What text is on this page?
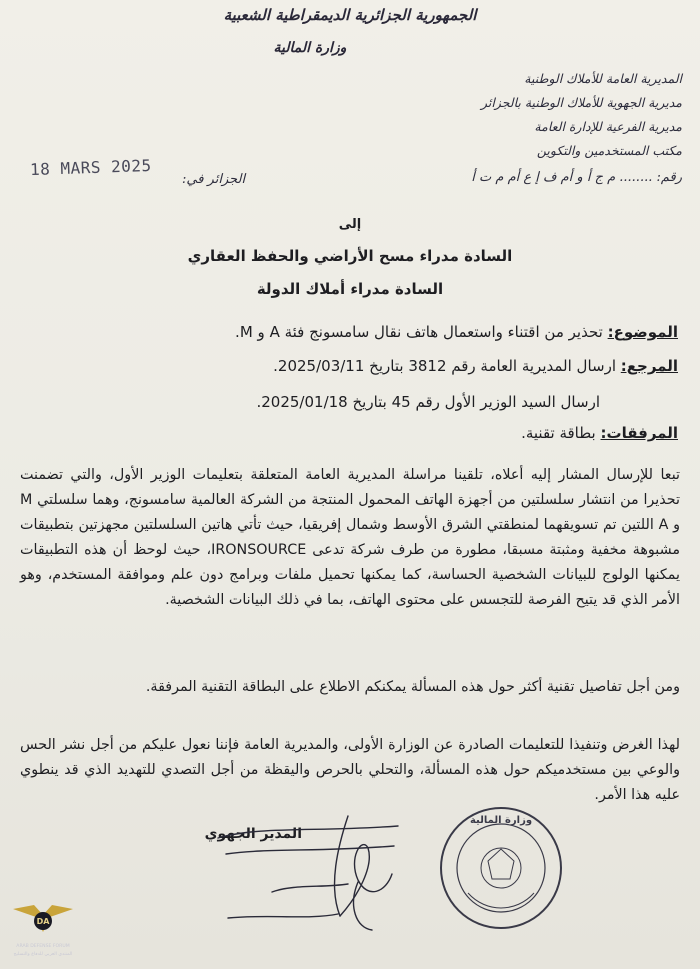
الجمهورية الجزائرية الديمقراطية الشعبية
وزارة المالية
المديرية العامة للأملاك الوطنية
مديرية الجهوية للأملاك الوطنية بالجزائر
مديرية الفرعية للإدارة العامة
مكتب المستخدمين والتكوين
18 MARS 2025
الجزائر في:	رقم: ........ م ج أ و أم ف إ ع أم م ت أ
إلى
السادة مدراء مسح الأراضي والحفظ العقاري
السادة مدراء أملاك الدولة
الموضوع: تحذير من اقتناء واستعمال هاتف نقال سامسونج فئة A و M.
المرجع: ارسال المديرية العامة رقم 3812 بتاريخ 2025/03/11.
ارسال السيد الوزير الأول رقم 45 بتاريخ 2025/01/18.
المرفقات: بطاقة تقنية.
تبعا للإرسال المشار إليه أعلاه، تلقينا مراسلة المديرية العامة المتعلقة بتعليمات الوزير الأول، والتي تضمنت تحذيرا من انتشار سلسلتين من أجهزة الهاتف المحمول المنتجة من الشركة العالمية سامسونج، وهما سلسلتي M و A اللتين تم تسويقهما لمنطقتي الشرق الأوسط وشمال إفريقيا، حيث تأتي هاتين السلسلتين مجهزتين بتطبيقات مشبوهة مخفية ومثبتة مسبقا، مطورة من طرف شركة تدعى IRONSOURCE، حيث لوحظ أن هذه التطبيقات يمكنها الولوج للبيانات الشخصية الحساسة، كما يمكنها تحميل ملفات وبرامج دون علم وموافقة المستخدم، وهو الأمر الذي قد يتيح الفرصة للتجسس على محتوى الهاتف، بما في ذلك البيانات الشخصية.
ومن أجل تفاصيل تقنية أكثر حول هذه المسألة يمكنكم الاطلاع على البطاقة التقنية المرفقة.
لهذا الغرض وتنفيذا للتعليمات الصادرة عن الوزارة الأولى، والمديرية العامة فإننا نعول عليكم من أجل نشر الحس والوعي بين مستخدميكم حول هذه المسألة، والتحلي بالحرص واليقظة من أجل التصدي للتهديد الذي قد ينطوي عليه هذا الأمر.
المدير الجهوي
وزارة المالية
DA
ARAB DEFENSE FORUM
المنتدى العربي للدفاع والتسليح
